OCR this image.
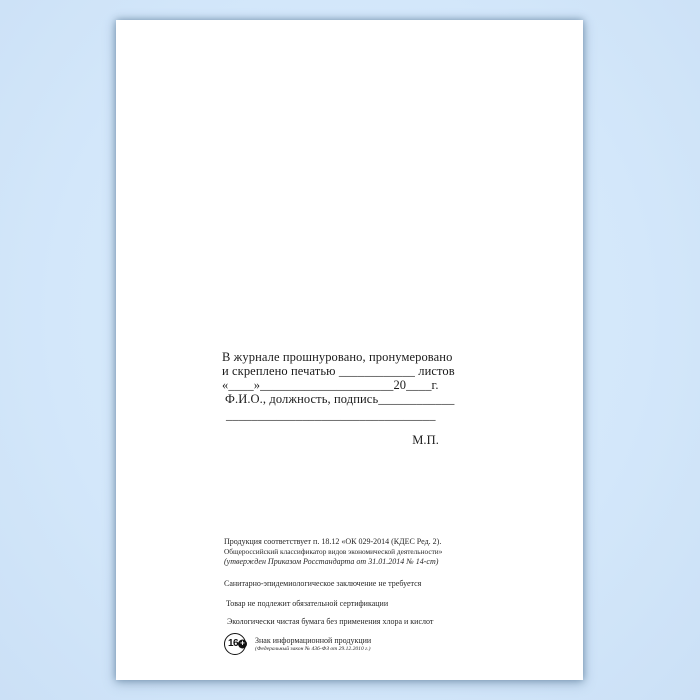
В журнале прошнуровано, пронумеровано
и скреплено печатью ____________ листов
«____»_____________________20____г.
Ф.И.О., должность, подпись____________
_________________________________
М.П.
Продукция соответствует п. 18.12 «ОК 029-2014 (КДЕС Ред. 2).
Общероссийский классификатор видов экономической деятельности»
(утвержден Приказом Росстандарта от 31.01.2014 № 14-ст)
Санитарно-эпидемиологическое заключение не требуется
Товар не подлежит обязательной сертификации
Экологически чистая бумага без применения хлора и кислот
16 + Знак информационной продукции
(Федеральный закон № 436-ФЗ от 29.12.2010 г.)
